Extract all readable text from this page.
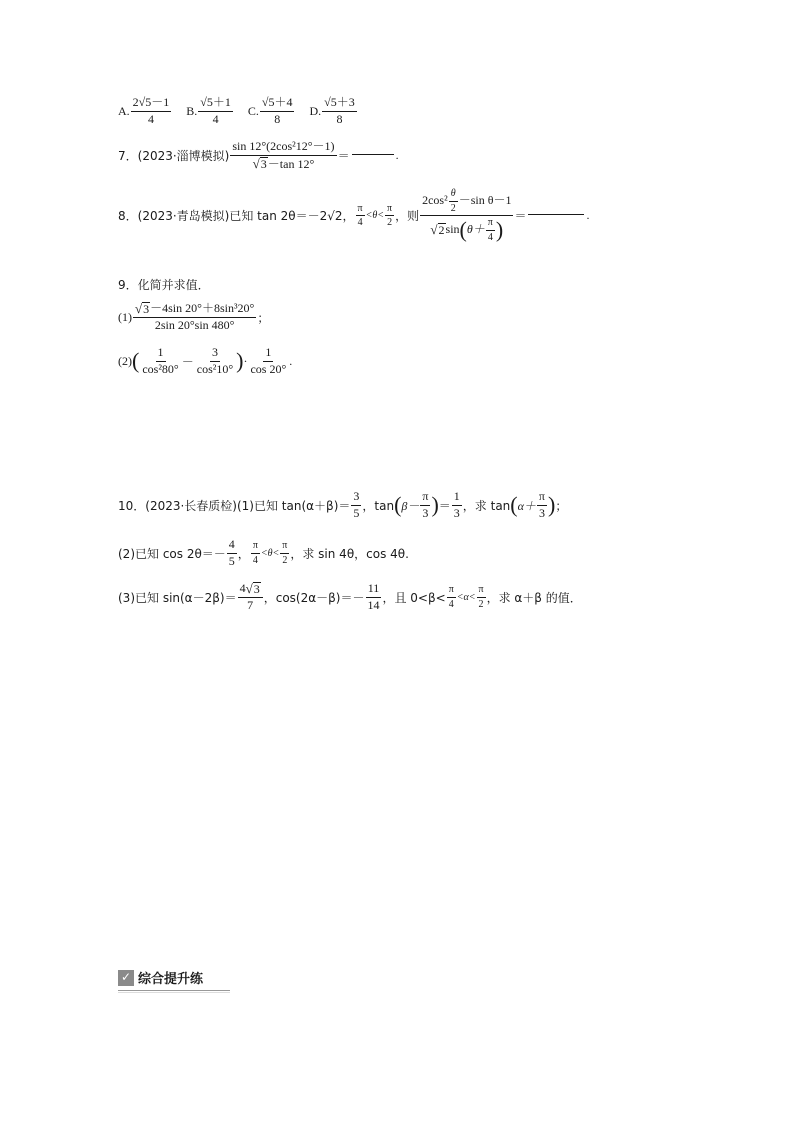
A. $\frac{2√5-1}{4} B$. $\frac{√5+1}{4} C$. $\frac{√5+4}{8} D$. $\frac{√5+3}{8}$
7．(2023·淄博模拟) $\frac{\text{sin 12°(2cos²12°－1)}}{√ 3 -\tan 12^\circ}$ ＝	.
8．(2023·青岛模拟)已知 tan 2θ＝－2√2， $\frac{\pi}{4} <\theta< \frac{\pi}{2}$ ，则 $\frac{2\cos^2 \frac{\theta}{2} -\sin \theta-1}{√ 2 \sin ( \theta+ \frac{\pi}{4} )}$ ＝	.
9．化简并求值．
$(1) \frac{\text{√ 3 －4sin 20°＋8sin³20°}}{2\sin 20^\circ\sin 480^\circ}$ ；
(2) ( $\frac{1}{\text{cos²80°}} - \frac{3}{\text{cos²10°}}$ ) · $\frac{1}{\cos 20^\circ}$ .
10．(2023·长春质检)(1)已知 $\tan(\alpha+\beta)= \frac{3}{5}$ ，tan ( $\beta- \frac{\pi}{3}$ ) ＝ $\frac{1}{3}$ ，求 tan ( $\alpha+ \frac{\pi}{3}$ ) ；
(2)已知 $\cos 2\theta=- \frac{4}{5}$ ， $\frac{\pi}{4} <\theta< \frac{\pi}{2}$ ，求 sin 4θ，cos 4θ.
(3)已知 $\sin(\alpha-2\beta)= \frac{4 √ 3}{7}$ ，$\cos(2\alpha-\beta)=- \frac{11}{14}$ ，且 $0<\beta< \frac{\pi}{4} <\alpha< \frac{\pi}{2}$ ，求 α＋β 的值．
✓ 综合提升练
